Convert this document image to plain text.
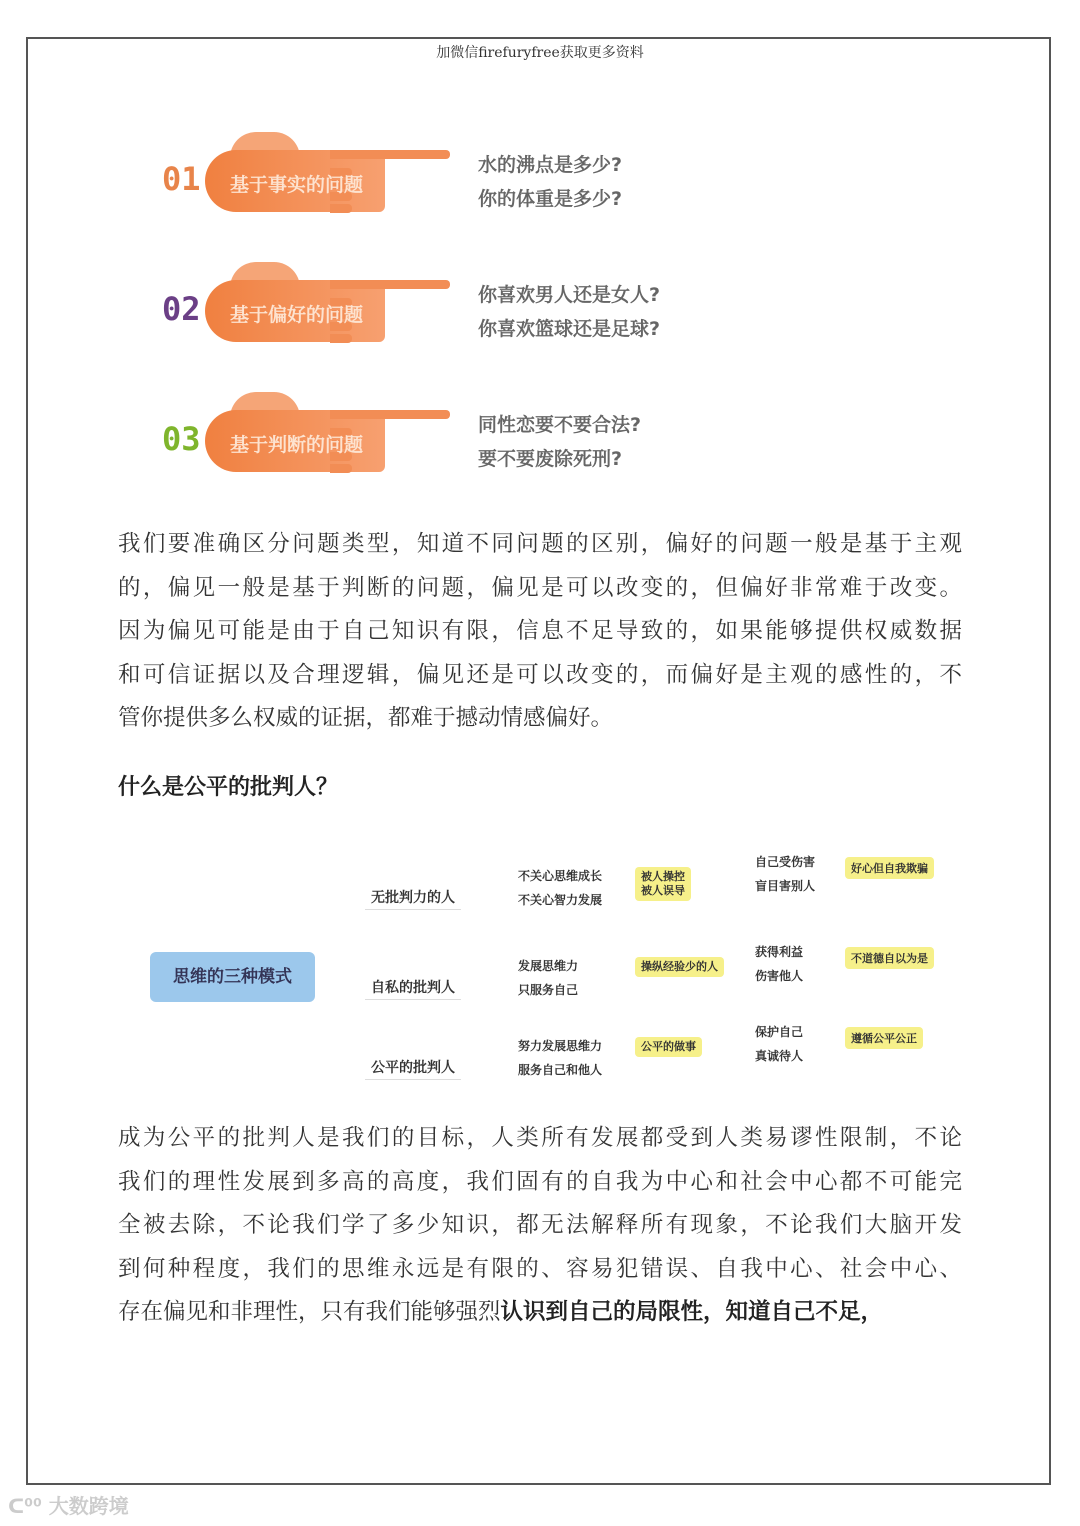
加微信firefuryfree获取更多资料
01 基于事实的问题
水的沸点是多少?
你的体重是多少?
02 基于偏好的问题
你喜欢男人还是女人?
你喜欢篮球还是足球?
03 基于判断的问题
同性恋要不要合法?
要不要废除死刑?
我们要准确区分问题类型，知道不同问题的区别，偏好的问题一般是基于主观
的，偏见一般是基于判断的问题，偏见是可以改变的，但偏好非常难于改变。
因为偏见可能是由于自己知识有限，信息不足导致的，如果能够提供权威数据
和可信证据以及合理逻辑，偏见还是可以改变的，而偏好是主观的感性的，不
管你提供多么权威的证据，都难于撼动情感偏好。
什么是公平的批判人？
思维的三种模式
无批判力的人
不关心思维成长
不关心智力发展
被人操控
被人误导
自己受伤害
盲目害别人
好心但自我欺骗
自私的批判人
发展思维力
只服务自己
操纵经验少的人
获得利益
伤害他人
不道德自以为是
公平的批判人
努力发展思维力
服务自己和他人
公平的做事
保护自己
真诚待人
遵循公平公正
成为公平的批判人是我们的目标，人类所有发展都受到人类易谬性限制，不论
我们的理性发展到多高的高度，我们固有的自我为中心和社会中心都不可能完
全被去除，不论我们学了多少知识，都无法解释所有现象，不论我们大脑开发
到何种程度，我们的思维永远是有限的、容易犯错误、自我中心、社会中心、
存在偏见和非理性，只有我们能够强烈认识到自己的局限性，知道自己不足，
ᑕ⁰⁰ 大数跨境
